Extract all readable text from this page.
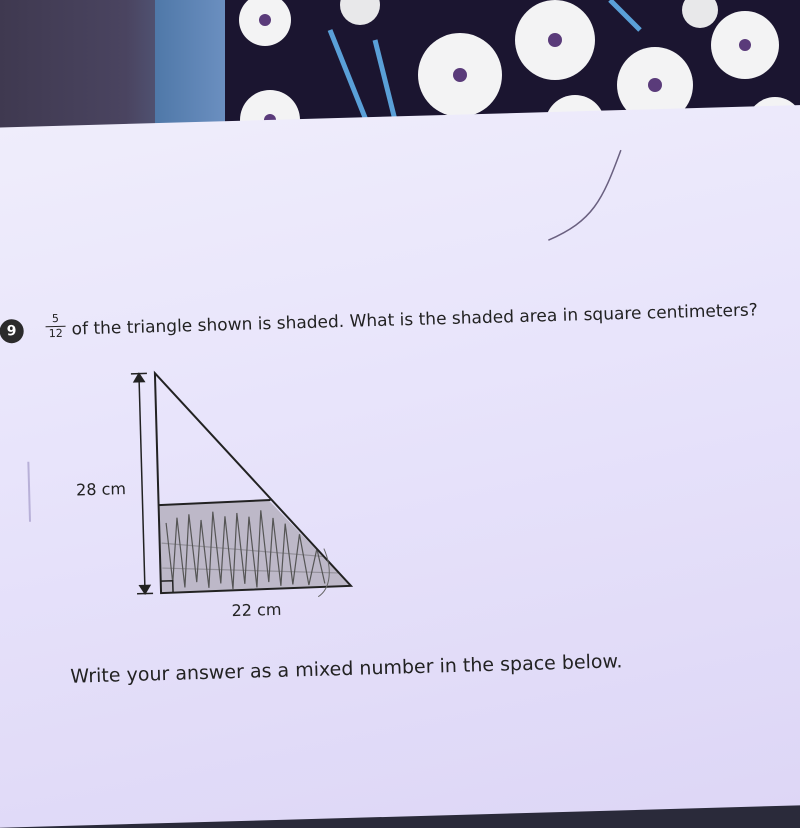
9
5
12 of the triangle shown is shaded. What is the shaded area in square centimeters?
28 cm
22 cm
Write your answer as a mixed number in the space below.
